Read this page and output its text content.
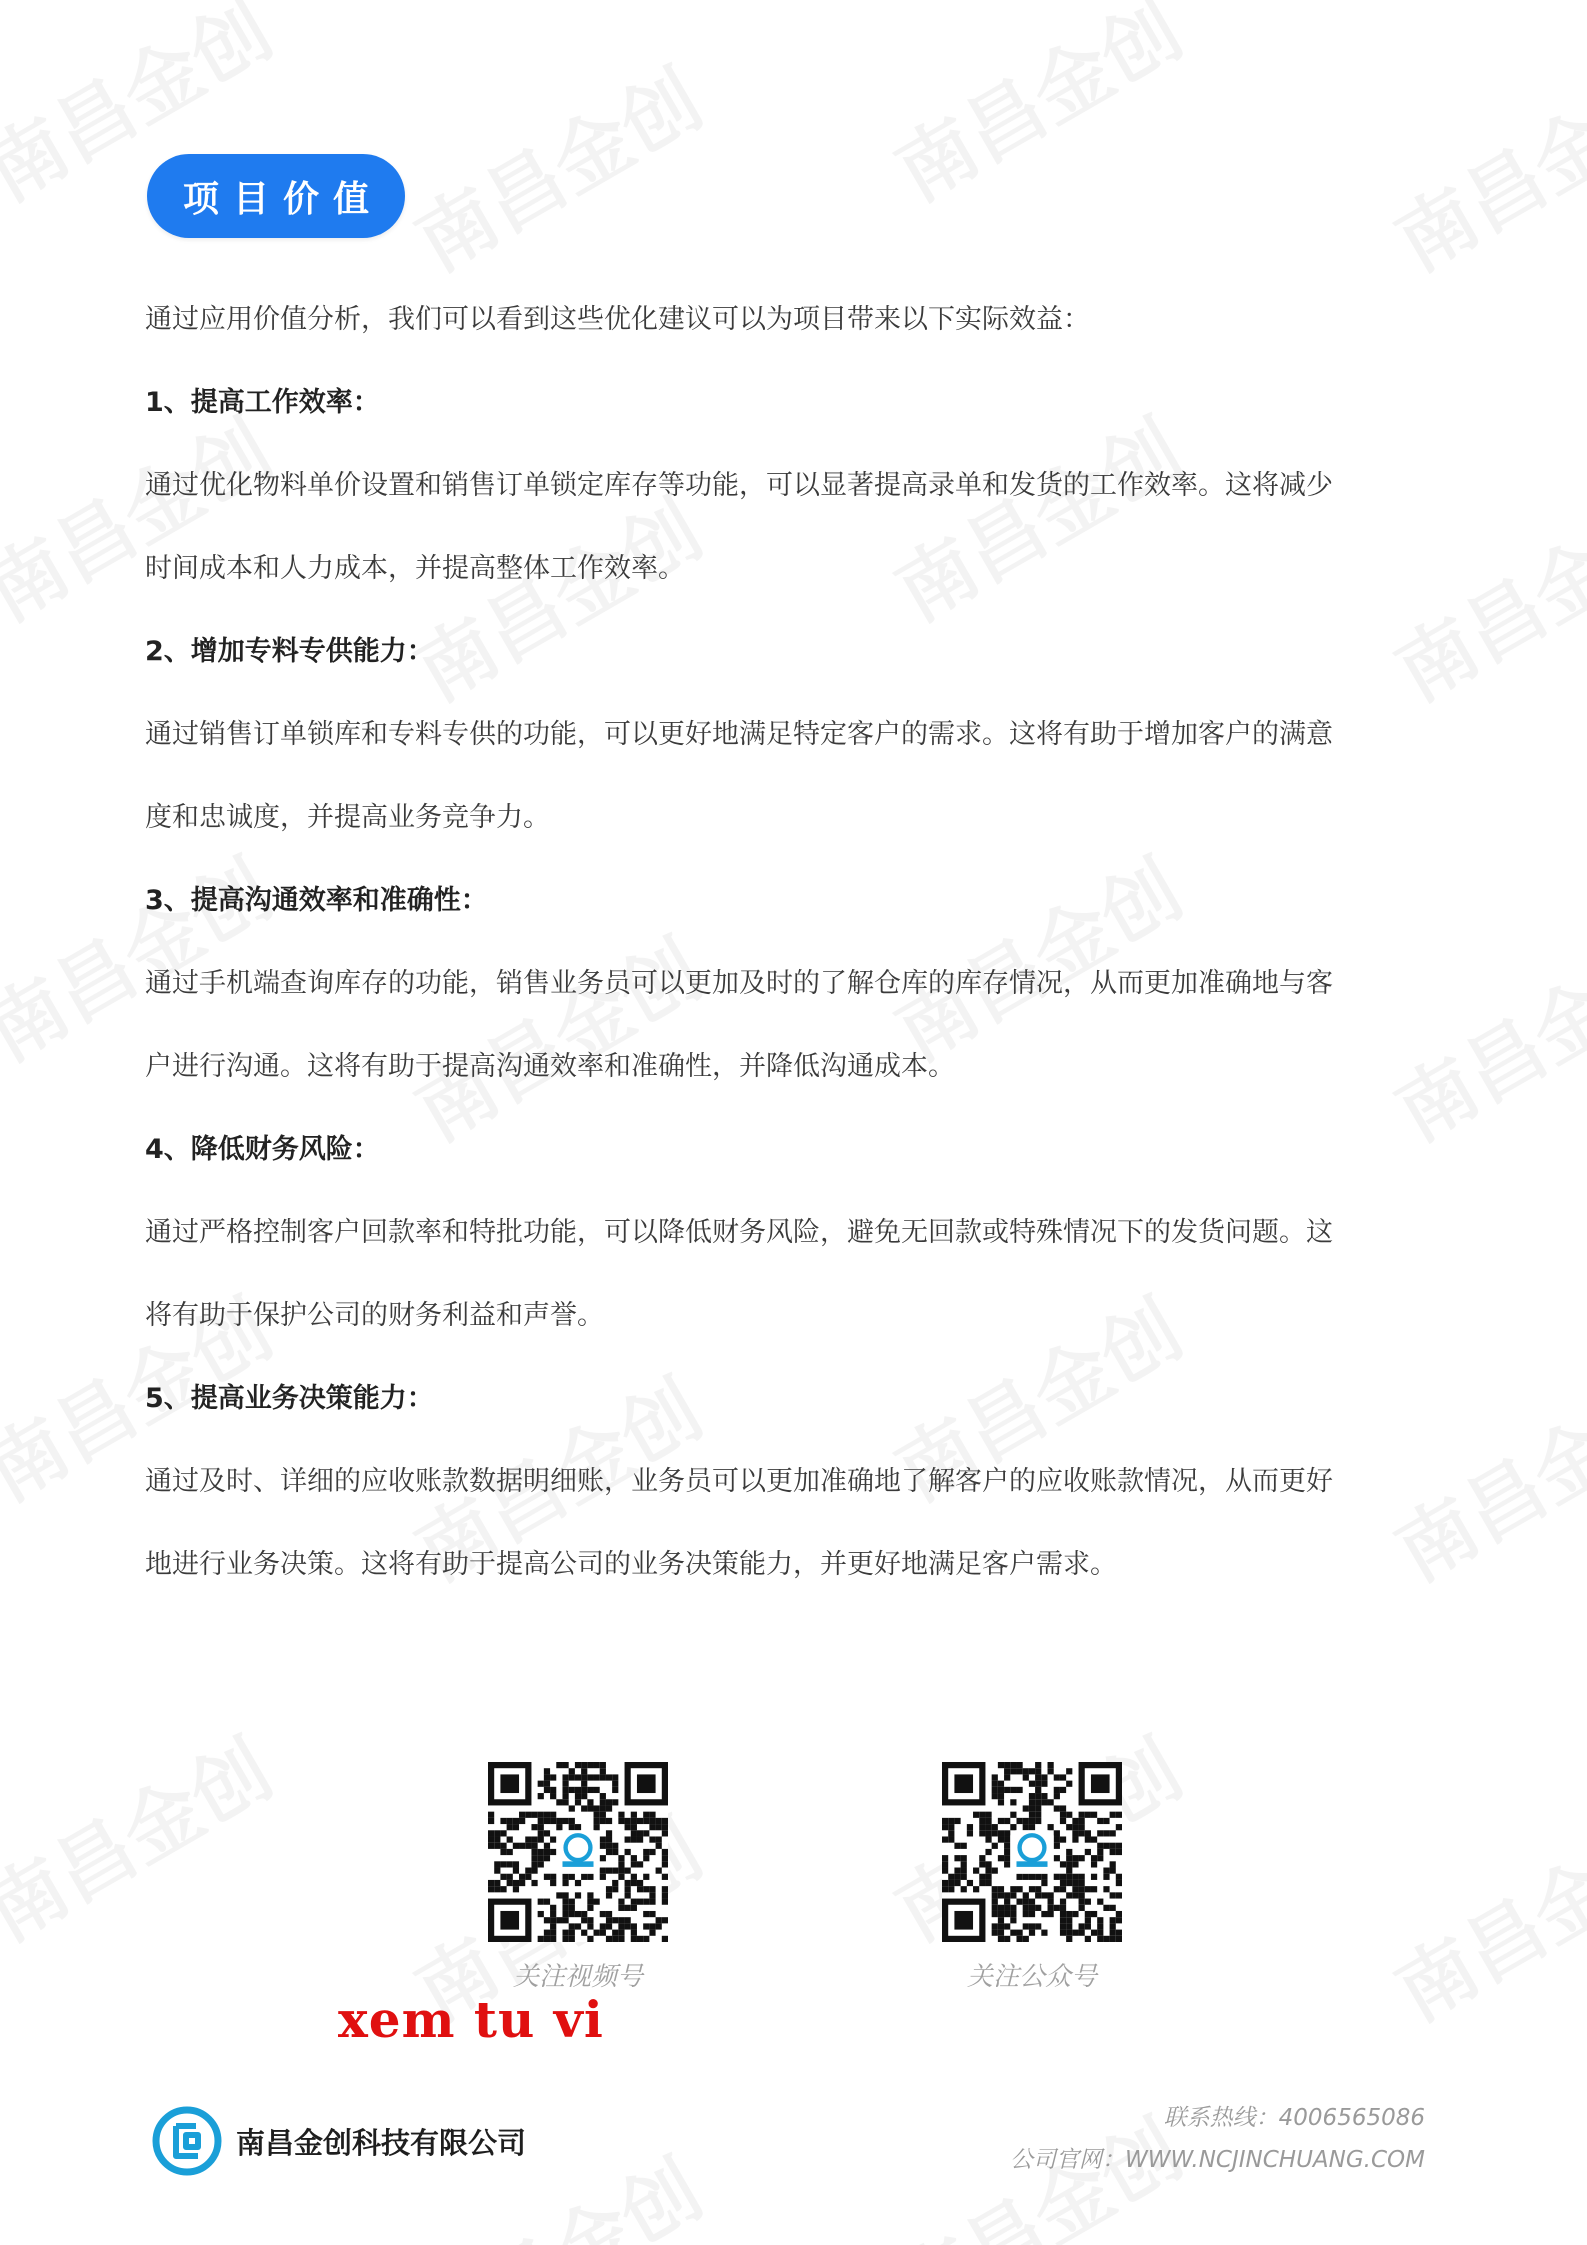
项目价值

通过应用价值分析，我们可以看到这些优化建议可以为项目带来以下实际效益：

1、提高工作效率：

通过优化物料单价设置和销售订单锁定库存等功能，可以显著提高录单和发货的工作效率。这将减少

时间成本和人力成本，并提高整体工作效率。

2、增加专料专供能力：

通过销售订单锁库和专料专供的功能，可以更好地满足特定客户的需求。这将有助于增加客户的满意

度和忠诚度，并提高业务竞争力。

3、提高沟通效率和准确性：

通过手机端查询库存的功能，销售业务员可以更加及时的了解仓库的库存情况，从而更加准确地与客

户进行沟通。这将有助于提高沟通效率和准确性，并降低沟通成本。

4、降低财务风险：

通过严格控制客户回款率和特批功能，可以降低财务风险，避免无回款或特殊情况下的发货问题。这

将有助于保护公司的财务利益和声誉。

5、提高业务决策能力：

通过及时、详细的应收账款数据明细账，业务员可以更加准确地了解客户的应收账款情况，从而更好

地进行业务决策。这将有助于提高公司的业务决策能力，并更好地满足客户需求。

关注视频号	关注公众号
xem tu vi
南昌金创科技有限公司
联系热线：4006565086
公司官网：WWW.NCJINCHUANG.COM
